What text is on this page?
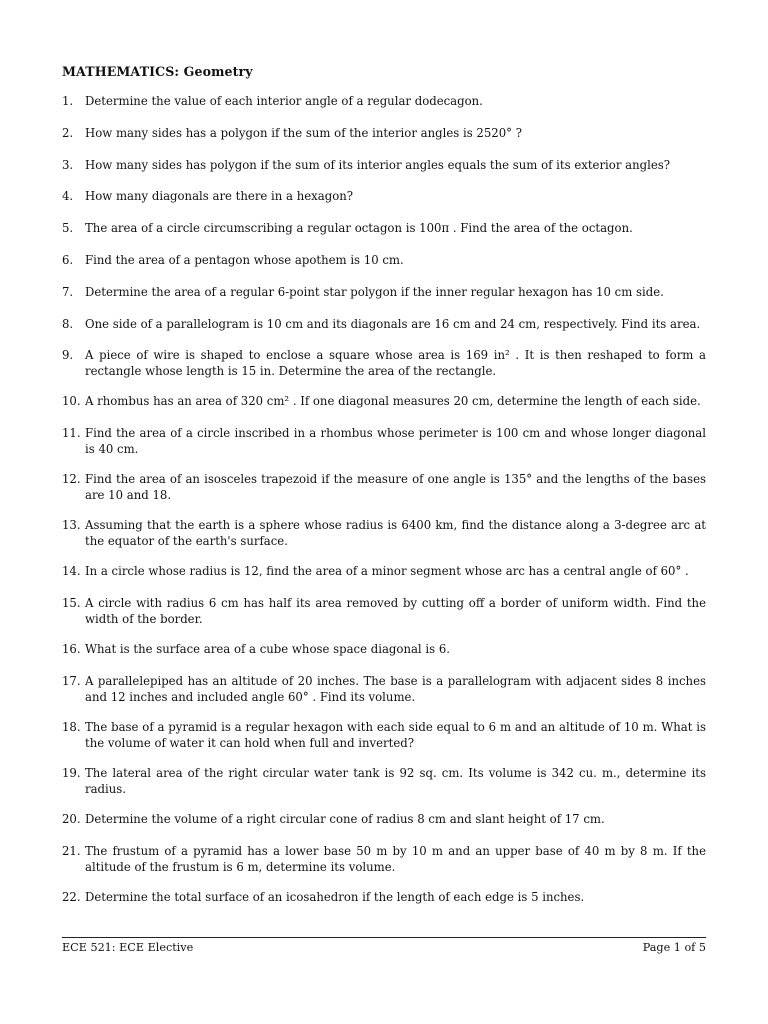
MATHEMATICS: Geometry
1.	Determine the value of each interior angle of a regular dodecagon.
2.	How many sides has a polygon if the sum of the interior angles is 2520° ?
3.	How many sides has polygon if the sum of its interior angles equals the sum of its exterior angles?
4.	How many diagonals are there in a hexagon?
5.	The area of a circle circumscribing a regular octagon is 100π . Find the area of the octagon.
6.	Find the area of a pentagon whose apothem is 10 cm.
7.	Determine the area of a regular 6-point star polygon if the inner regular hexagon has 10 cm side.
8.	One side of a parallelogram is 10 cm and its diagonals are 16 cm and 24 cm, respectively. Find its area.
9.	A piece of wire is shaped to enclose a square whose area is 169 in² . It is then reshaped to form a rectangle whose length is 15 in. Determine the area of the rectangle.
10. A rhombus has an area of 320 cm² . If one diagonal measures 20 cm, determine the length of each side.
11. Find the area of a circle inscribed in a rhombus whose perimeter is 100 cm and whose longer diagonal is 40 cm.
12. Find the area of an isosceles trapezoid if the measure of one angle is 135° and the lengths of the bases are 10 and 18.
13. Assuming that the earth is a sphere whose radius is 6400 km, find the distance along a 3-degree arc at the equator of the earth's surface.
14. In a circle whose radius is 12, find the area of a minor segment whose arc has a central angle of 60° .
15. A circle with radius 6 cm has half its area removed by cutting off a border of uniform width. Find the width of the border.
16. What is the surface area of a cube whose space diagonal is 6.
17. A parallelepiped has an altitude of 20 inches. The base is a parallelogram with adjacent sides 8 inches and 12 inches and included angle 60° . Find its volume.
18. The base of a pyramid is a regular hexagon with each side equal to 6 m and an altitude of 10 m. What is the volume of water it can hold when full and inverted?
19. The lateral area of the right circular water tank is 92 sq. cm. Its volume is 342 cu. m., determine its radius.
20. Determine the volume of a right circular cone of radius 8 cm and slant height of 17 cm.
21. The frustum of a pyramid has a lower base 50 m by 10 m and an upper base of 40 m by 8 m. If the altitude of the frustum is 6 m, determine its volume.
22. Determine the total surface of an icosahedron if the length of each edge is 5 inches.
ECE 521: ECE Elective	Page 1 of 5
